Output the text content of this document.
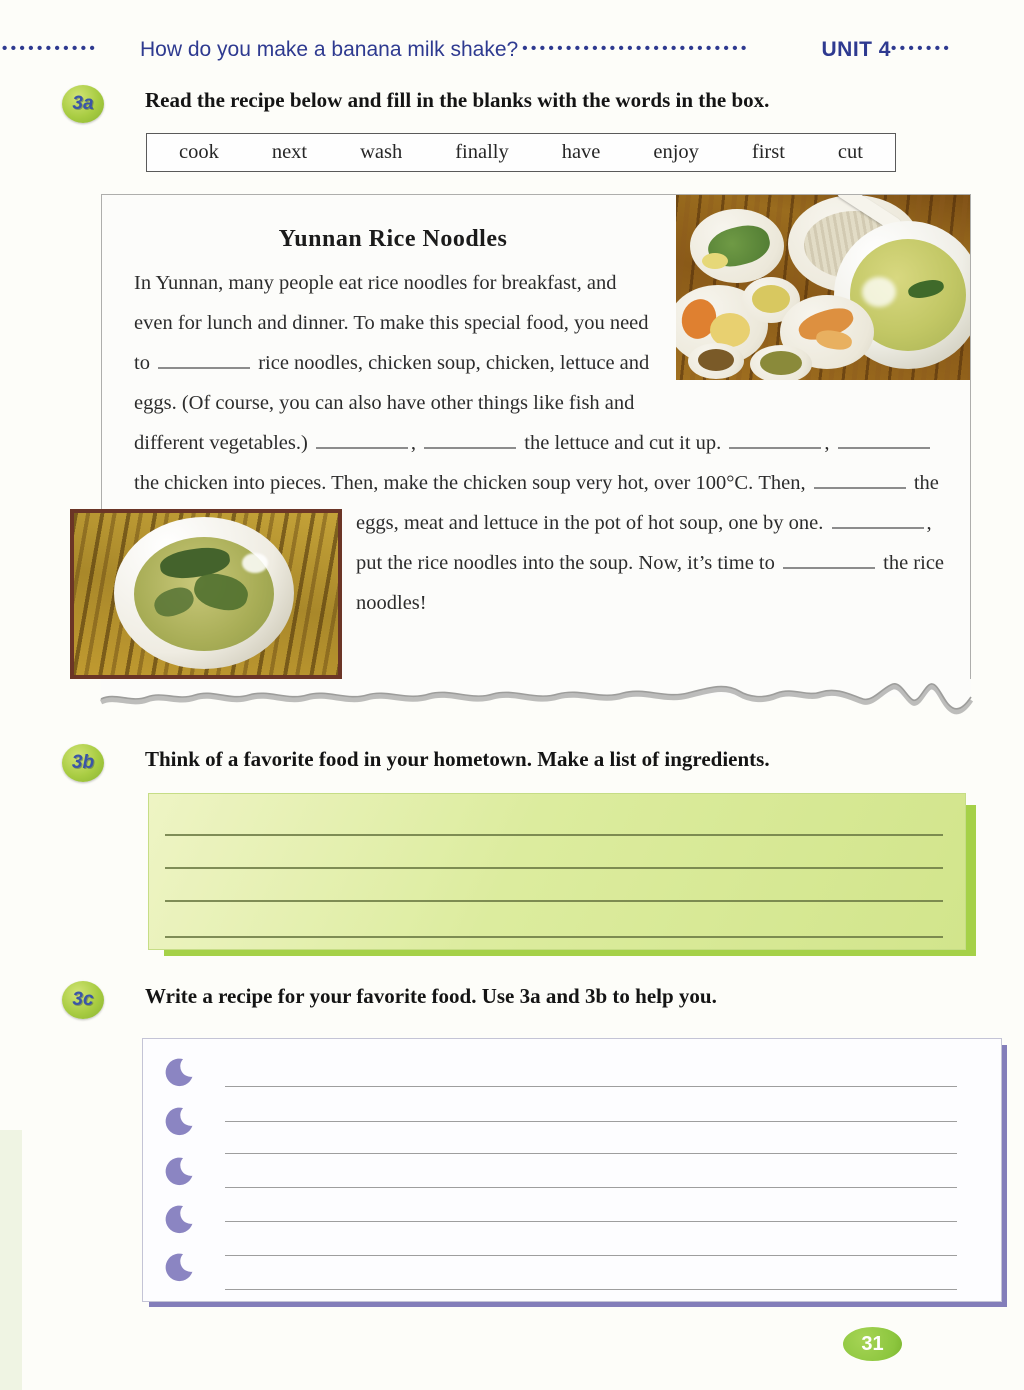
•••••••••••	How do you make a banana milk shake? ••••••••••••••••••••••••••	UNIT 4 •••••••
3a	Read the recipe below and fill in the blanks with the words in the box.
cook	next	wash	finally	have	enjoy	first	cut
Yunnan Rice Noodles
In Yunnan, many people eat rice noodles for breakfast, and even for lunch and dinner. To make this special food, you need to	rice noodles, chicken soup, chicken, lettuce and eggs. (Of course, you can also have other things like fish and different vegetables.)	,	the lettuce and cut it up.	,  the chicken into pieces. Then, make the chicken soup very hot, over 100°C.
Then,	the eggs, meat and lettuce in the pot of hot soup, one by one.	, put the rice noodles into the soup. Now, it’s time to	the rice noodles!
3b	Think of a favorite food in your hometown. Make a list of ingredients.
3c	Write a recipe for your favorite food. Use 3a and 3b to help you.
31
